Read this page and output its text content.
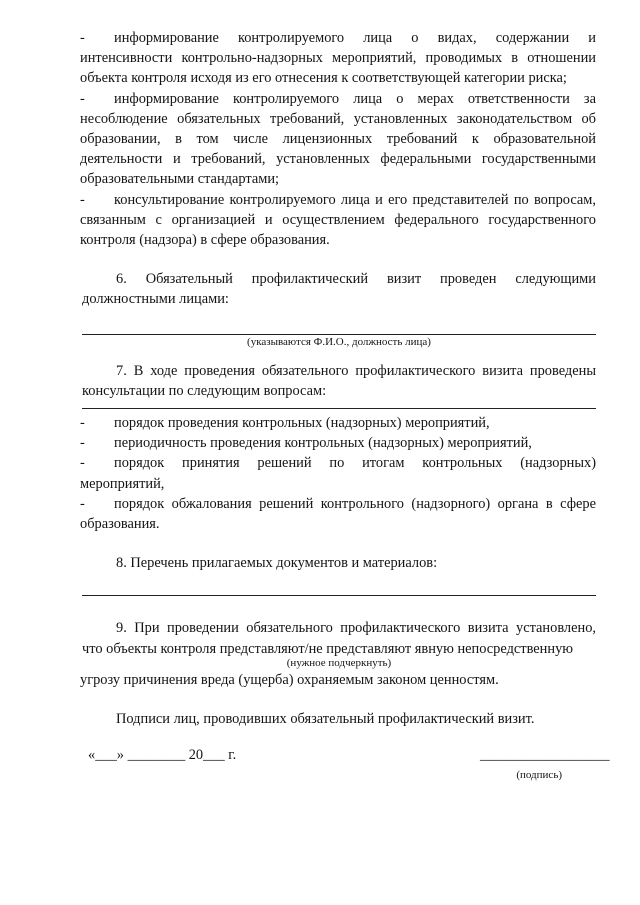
- информирование контролируемого лица о видах, содержании и интенсивности контрольно-надзорных мероприятий, проводимых в отношении объекта контроля исходя из его отнесения к соответствующей категории риска;
- информирование контролируемого лица о мерах ответственности за несоблюдение обязательных требований, установленных законодательством об образовании, в том числе лицензионных требований к образовательной деятельности и требований, установленных федеральными государственными образовательными стандартами;
- консультирование контролируемого лица и его представителей по вопросам, связанным с организацией и осуществлением федерального государственного контроля (надзора) в сфере образования.
6. Обязательный профилактический визит проведен следующими должностными лицами:
(указываются Ф.И.О., должность лица)
7. В ходе проведения обязательного профилактического визита проведены консультации по следующим вопросам:
- порядок проведения контрольных (надзорных) мероприятий,
- периодичность проведения контрольных (надзорных) мероприятий,
- порядок принятия решений по итогам контрольных (надзорных) мероприятий,
- порядок обжалования решений контрольного (надзорного) органа в сфере образования.
8. Перечень прилагаемых документов и материалов:
9. При проведении обязательного профилактического визита установлено, что объекты контроля представляют/не представляют явную непосредственную
(нужное подчеркнуть)
угрозу причинения вреда (ущерба) охраняемым законом ценностям.
Подписи лиц, проводивших обязательный профилактический визит.
«___» ________ 20___ г.	__________________
(подпись)
